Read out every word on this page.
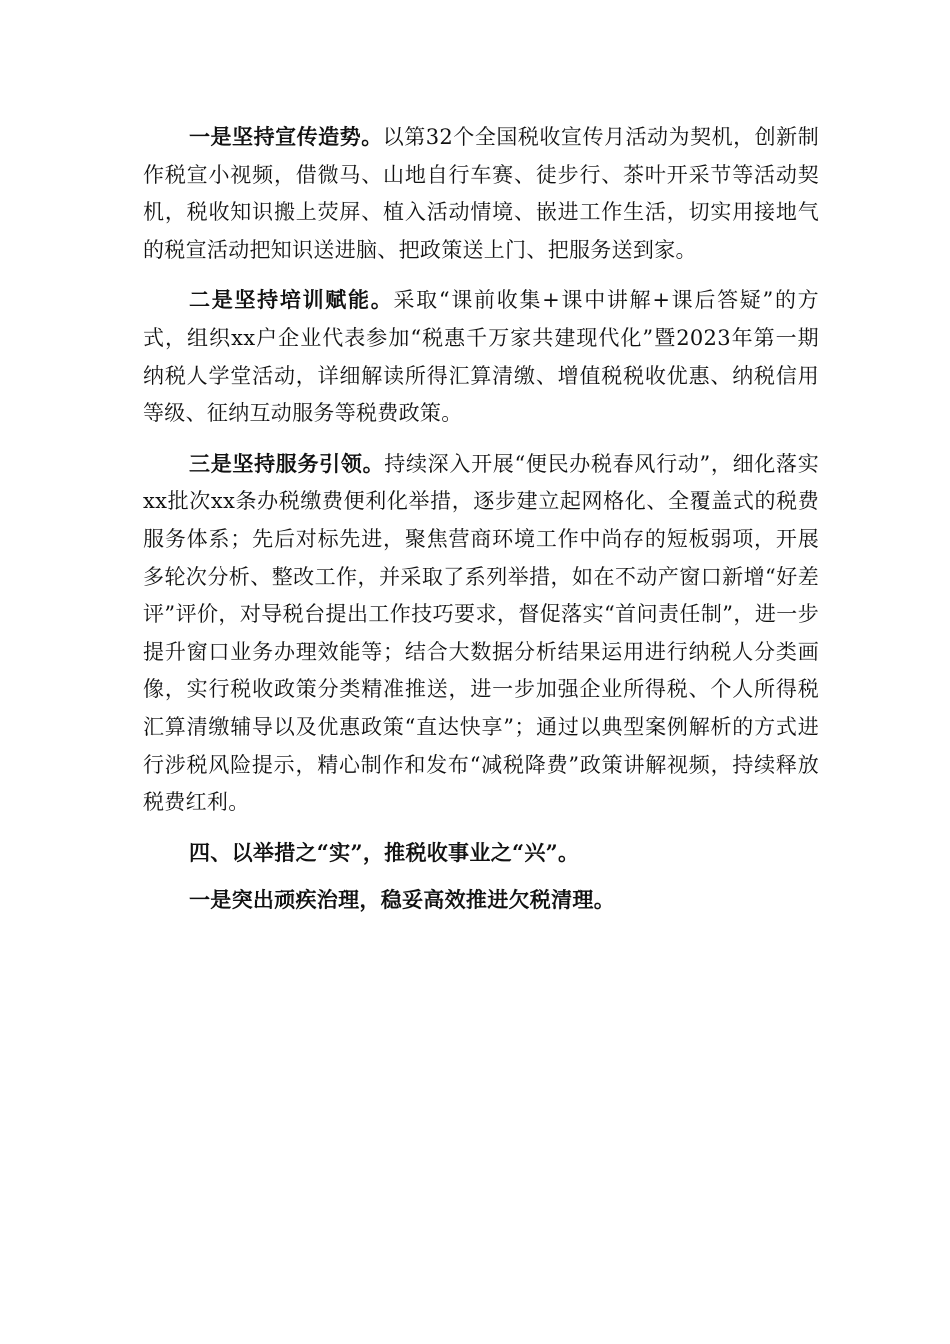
一是坚持宣传造势。以第32个全国税收宣传月活动为契机，创新制作税宣小视频，借微马、山地自行车赛、徒步行、茶叶开采节等活动契机，税收知识搬上荧屏、植入活动情境、嵌进工作生活，切实用接地气的税宣活动把知识送进脑、把政策送上门、把服务送到家。

二是坚持培训赋能。采取“课前收集+课中讲解+课后答疑”的方式，组织xx户企业代表参加“税惠千万家共建现代化”暨2023年第一期纳税人学堂活动，详细解读所得汇算清缴、增值税税收优惠、纳税信用等级、征纳互动服务等税费政策。

三是坚持服务引领。持续深入开展“便民办税春风行动”，细化落实xx批次xx条办税缴费便利化举措，逐步建立起网格化、全覆盖式的税费服务体系；先后对标先进，聚焦营商环境工作中尚存的短板弱项，开展多轮次分析、整改工作，并采取了系列举措，如在不动产窗口新增“好差评”评价，对导税台提出工作技巧要求，督促落实“首问责任制”，进一步提升窗口业务办理效能等；结合大数据分析结果运用进行纳税人分类画像，实行税收政策分类精准推送，进一步加强企业所得税、个人所得税汇算清缴辅导以及优惠政策“直达快享”；通过以典型案例解析的方式进行涉税风险提示，精心制作和发布“减税降费”政策讲解视频，持续释放税费红利。

四、以举措之“实”，推税收事业之“兴”。

一是突出顽疾治理，稳妥高效推进欠税清理。
